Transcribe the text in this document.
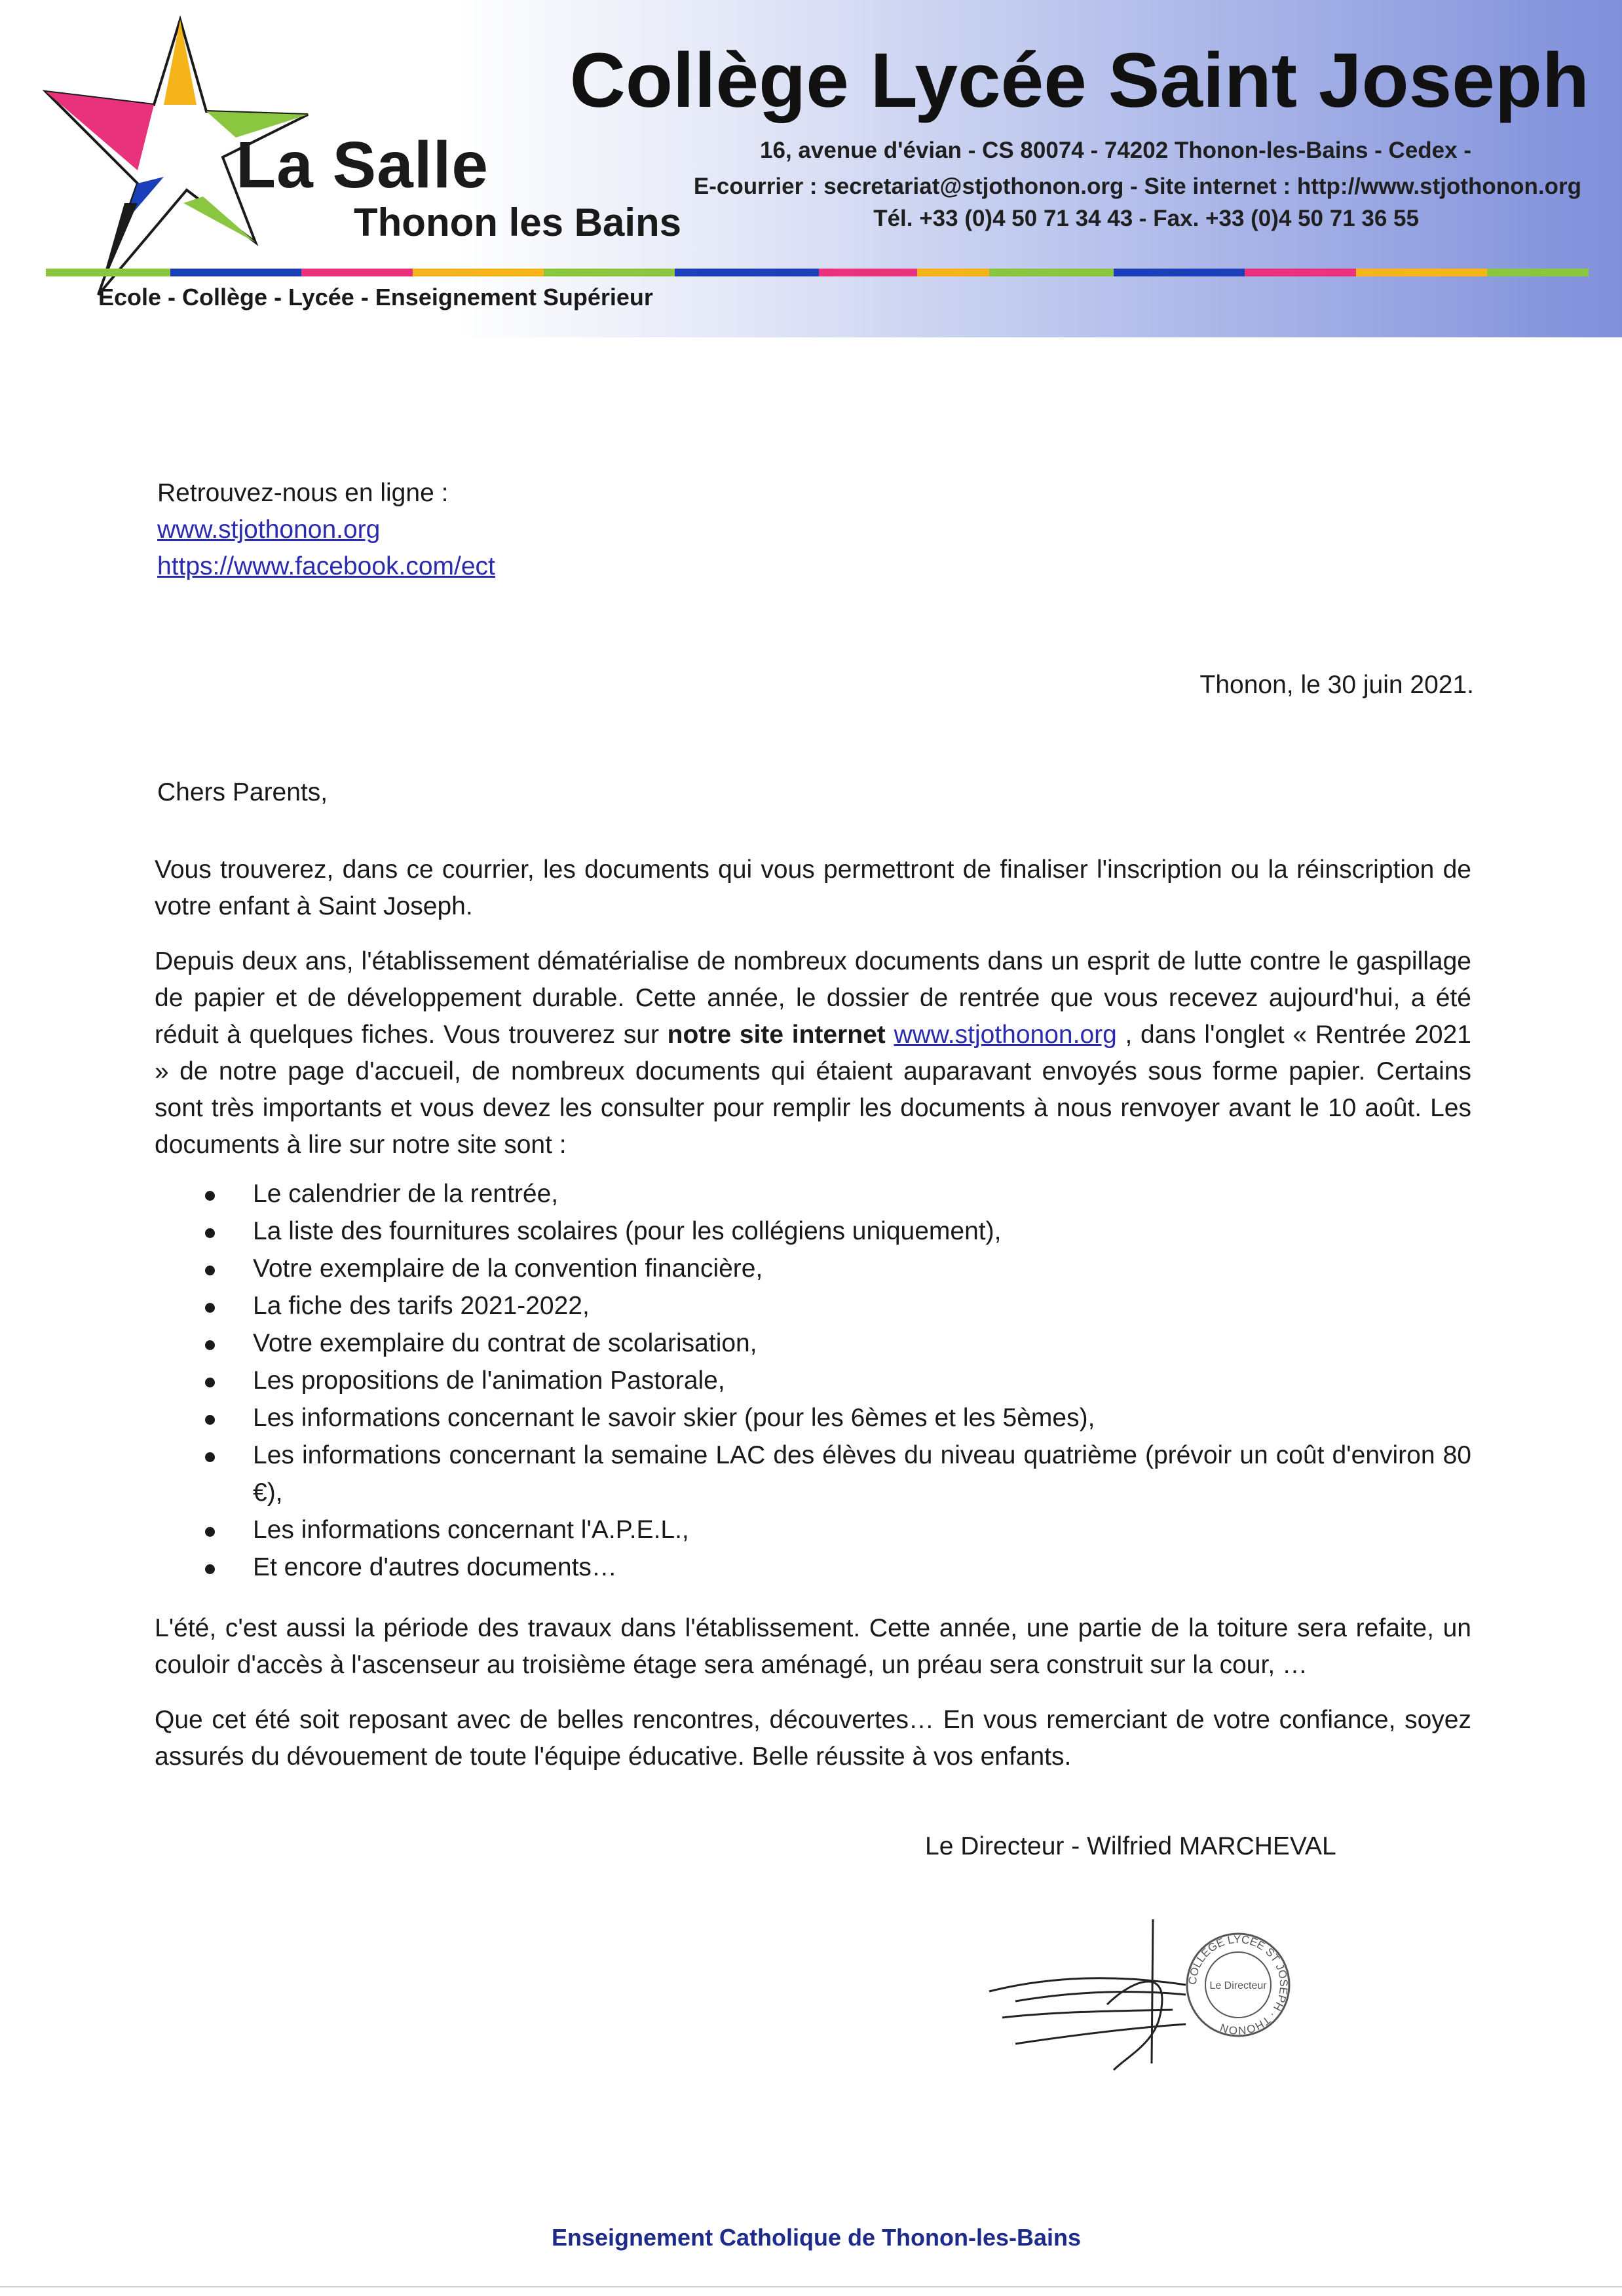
La Salle
Thonon les Bains
Collège Lycée Saint Joseph
16, avenue d'évian - CS 80074 - 74202 Thonon-les-Bains - Cedex -
E-courrier : secretariat@stjothonon.org - Site internet : http://www.stjothonon.org
Tél. +33 (0)4 50 71 34 43 - Fax. +33 (0)4 50 71 36 55
Ecole - Collège - Lycée - Enseignement Supérieur
Retrouvez-nous en ligne :
www.stjothonon.org
https://www.facebook.com/ect
Thonon, le 30 juin 2021.
Chers Parents,
Vous trouverez, dans ce courrier, les documents qui vous permettront de finaliser l'inscription ou la réinscription de votre enfant à Saint Joseph.
Depuis deux ans, l'établissement dématérialise de nombreux documents dans un esprit de lutte contre le gaspillage de papier et de développement durable. Cette année, le dossier de rentrée que vous recevez aujourd'hui, a été réduit à quelques fiches. Vous trouverez sur notre site internet www.stjothonon.org , dans l'onglet « Rentrée 2021 » de notre page d'accueil, de nombreux documents qui étaient auparavant envoyés sous forme papier. Certains sont très importants et vous devez les consulter pour remplir les documents à nous renvoyer avant le 10 août. Les documents à lire sur notre site sont :
Le calendrier de la rentrée,
La liste des fournitures scolaires (pour les collégiens uniquement),
Votre exemplaire de la convention financière,
La fiche des tarifs 2021-2022,
Votre exemplaire du contrat de scolarisation,
Les propositions de l'animation Pastorale,
Les informations concernant le savoir skier (pour les 6èmes et les 5èmes),
Les informations concernant la semaine LAC des élèves du niveau quatrième (prévoir un coût d'environ 80 €),
Les informations concernant l'A.P.E.L.,
Et encore d'autres documents…
L'été, c'est aussi la période des travaux dans l'établissement. Cette année, une partie de la toiture sera refaite, un couloir d'accès à l'ascenseur au troisième étage sera aménagé, un préau sera construit sur la cour, …
Que cet été soit reposant avec de belles rencontres, découvertes… En vous remerciant de votre confiance, soyez assurés du dévouement de toute l'équipe éducative. Belle réussite à vos enfants.
Le Directeur - Wilfried MARCHEVAL
COLLEGE LYCEE ST JOSEPH · THONON
Le Directeur
Enseignement Catholique de Thonon-les-Bains
